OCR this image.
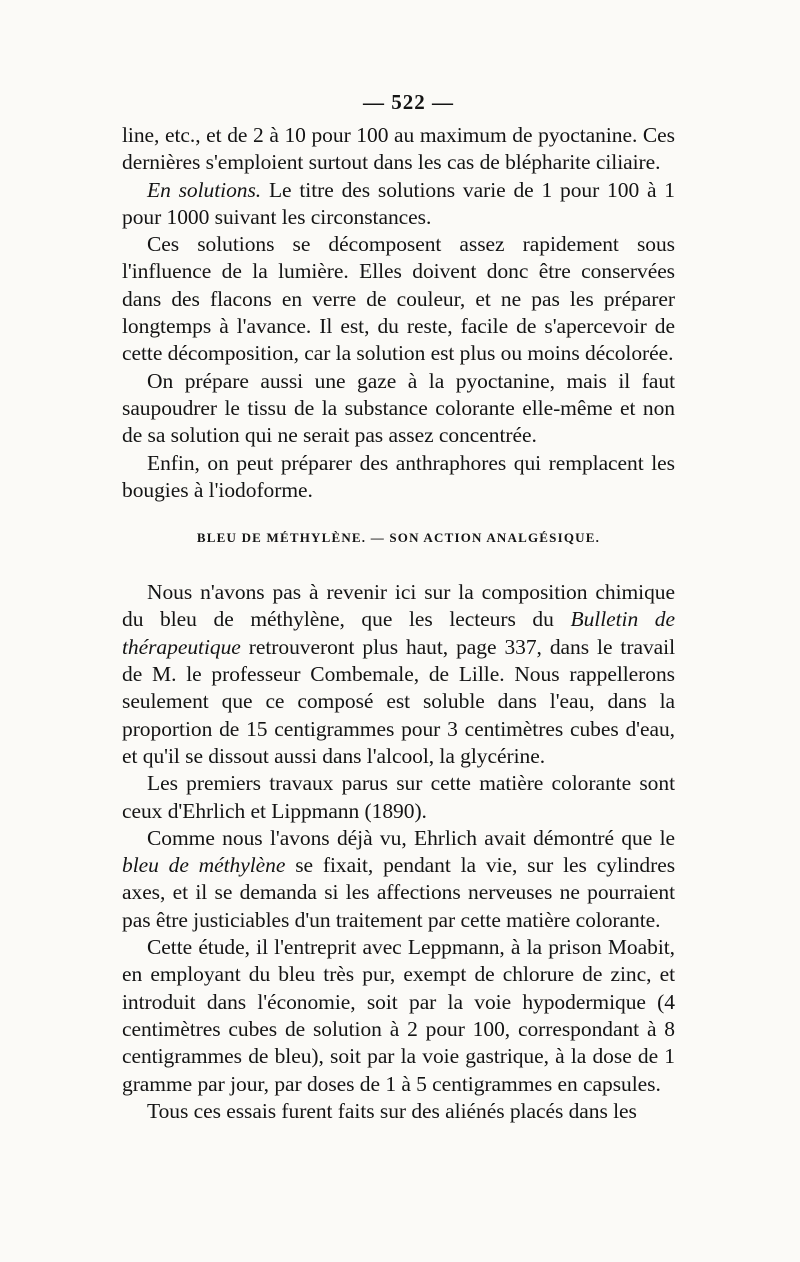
— 522 —

line, etc., et de 2 à 10 pour 100 au maximum de pyoctanine. Ces dernières s'emploient surtout dans les cas de blépharite ciliaire.

En solutions. Le titre des solutions varie de 1 pour 100 à 1 pour 1000 suivant les circonstances.

Ces solutions se décomposent assez rapidement sous l'influence de la lumière. Elles doivent donc être conservées dans des flacons en verre de couleur, et ne pas les préparer longtemps à l'avance. Il est, du reste, facile de s'apercevoir de cette décomposition, car la solution est plus ou moins décolorée.

On prépare aussi une gaze à la pyoctanine, mais il faut saupoudrer le tissu de la substance colorante elle-même et non de sa solution qui ne serait pas assez concentrée.

Enfin, on peut préparer des anthraphores qui remplacent les bougies à l'iodoforme.

BLEU DE MÉTHYLÈNE. — SON ACTION ANALGÉSIQUE.

Nous n'avons pas à revenir ici sur la composition chimique du bleu de méthylène, que les lecteurs du Bulletin de thérapeutique retrouveront plus haut, page 337, dans le travail de M. le professeur Combemale, de Lille. Nous rappellerons seulement que ce composé est soluble dans l'eau, dans la proportion de 15 centigrammes pour 3 centimètres cubes d'eau, et qu'il se dissout aussi dans l'alcool, la glycérine.

Les premiers travaux parus sur cette matière colorante sont ceux d'Ehrlich et Lippmann (1890).

Comme nous l'avons déjà vu, Ehrlich avait démontré que le bleu de méthylène se fixait, pendant la vie, sur les cylindres axes, et il se demanda si les affections nerveuses ne pourraient pas être justiciables d'un traitement par cette matière colorante.

Cette étude, il l'entreprit avec Leppmann, à la prison Moabit, en employant du bleu très pur, exempt de chlorure de zinc, et introduit dans l'économie, soit par la voie hypodermique (4 centimètres cubes de solution à 2 pour 100, correspondant à 8 centigrammes de bleu), soit par la voie gastrique, à la dose de 1 gramme par jour, par doses de 1 à 5 centigrammes en capsules.

Tous ces essais furent faits sur des aliénés placés dans les
